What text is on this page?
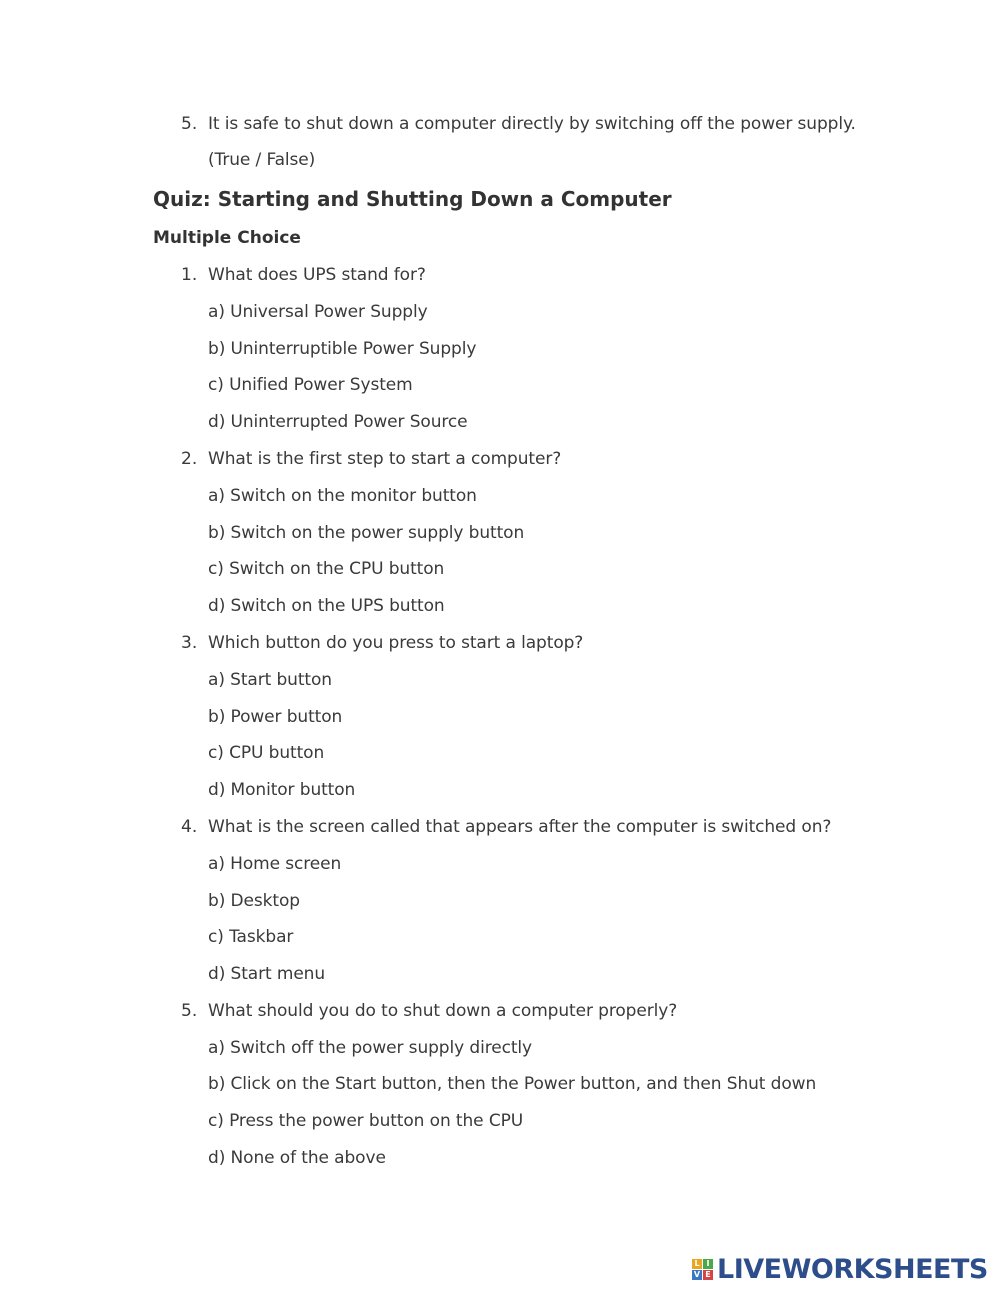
5. It is safe to shut down a computer directly by switching off the power supply.
(True / False)
Quiz: Starting and Shutting Down a Computer
Multiple Choice
1. What does UPS stand for?
a) Universal Power Supply
b) Uninterruptible Power Supply
c) Unified Power System
d) Uninterrupted Power Source
2. What is the first step to start a computer?
a) Switch on the monitor button
b) Switch on the power supply button
c) Switch on the CPU button
d) Switch on the UPS button
3. Which button do you press to start a laptop?
a) Start button
b) Power button
c) CPU button
d) Monitor button
4. What is the screen called that appears after the computer is switched on?
a) Home screen
b) Desktop
c) Taskbar
d) Start menu
5. What should you do to shut down a computer properly?
a) Switch off the power supply directly
b) Click on the Start button, then the Power button, and then Shut down
c) Press the power button on the CPU
d) None of the above
L I
V E LIVEWORKSHEETS
